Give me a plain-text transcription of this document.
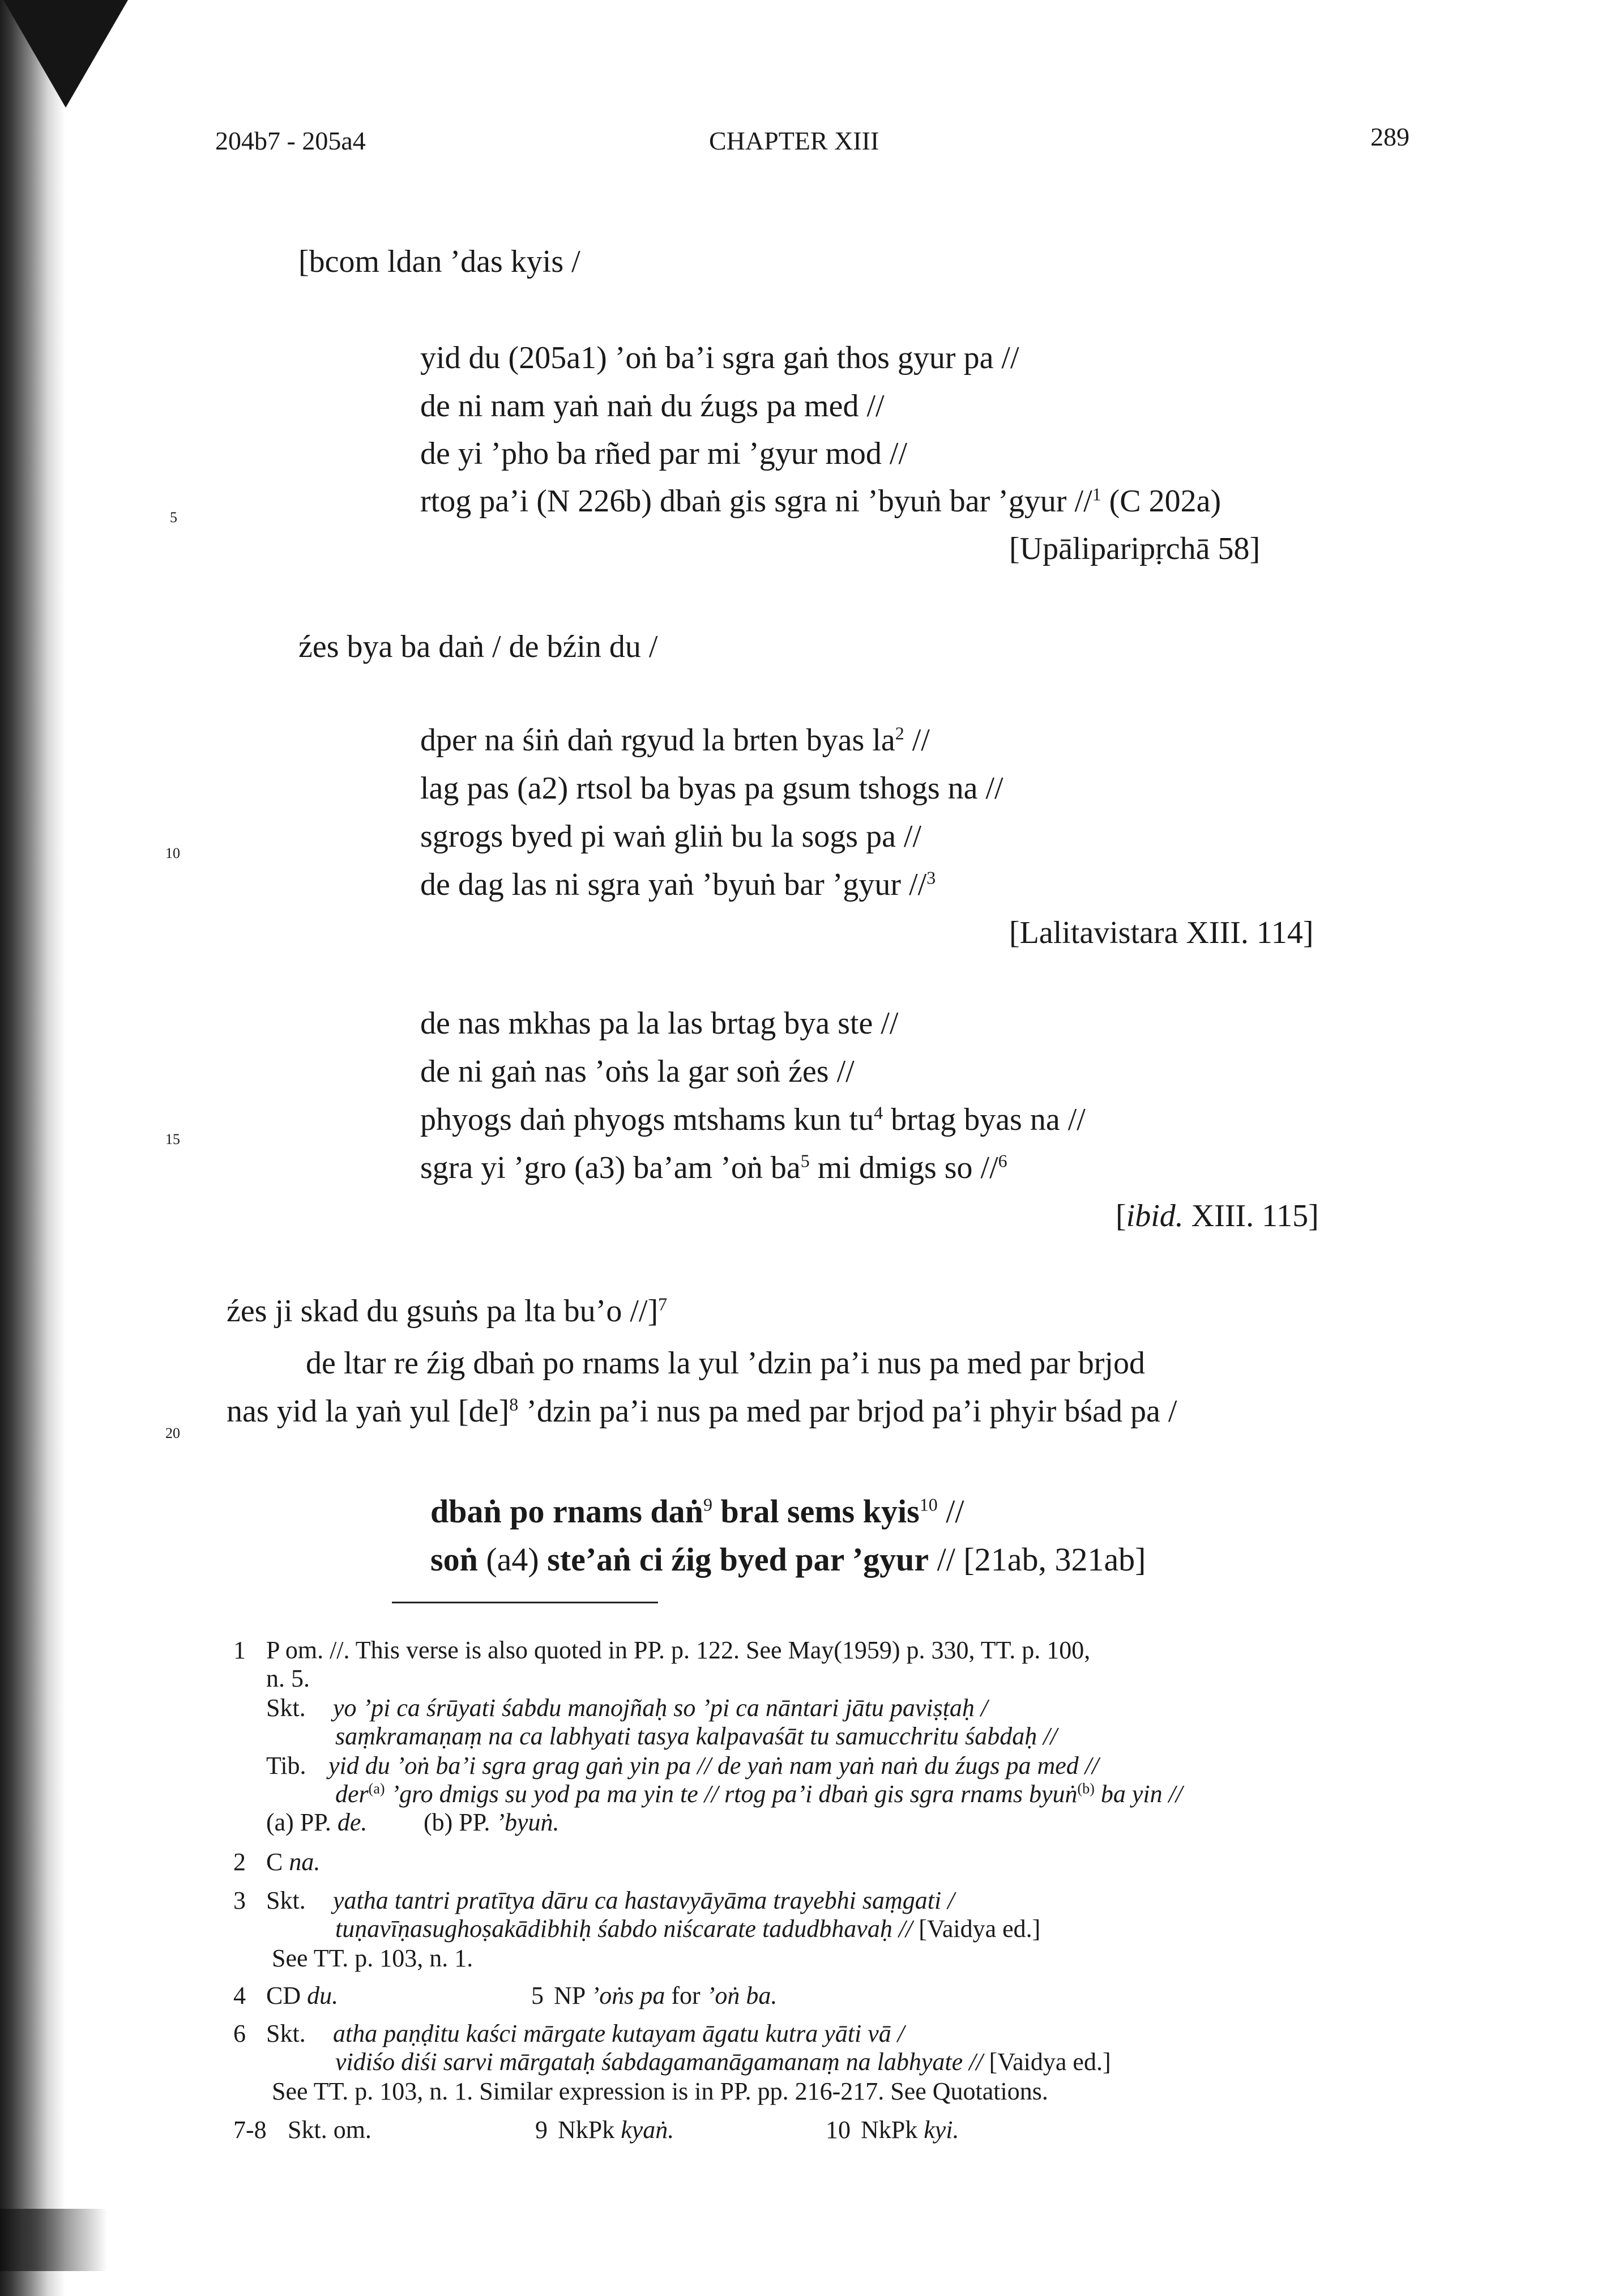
204b7 - 205a4	CHAPTER XIII	289
5
10
15
20
[bcom ldan ’das kyis /
yid du (205a1) ’oṅ ba’i sgra gaṅ thos gyur pa //
de ni nam yaṅ naṅ du źugs pa med //
de yi ’pho ba rñed par mi ’gyur mod //
rtog pa’i (N 226b) dbaṅ gis sgra ni ’byuṅ bar ’gyur //$^1$ (C 202a)
[Upāliparipṛchā 58]
źes bya ba daṅ / de bźin du /
dper na śiṅ daṅ rgyud la brten byas $la^2$ //
lag pas (a2) rtsol ba byas pa gsum tshogs na //
sgrogs byed pi waṅ gliṅ bu la sogs pa //
de dag las ni sgra yaṅ ’byuṅ bar ’gyur //$^3$
[Lalitavistara XIII. 114]
de nas mkhas pa la las brtag bya ste //
de ni gaṅ nas ’oṅs la gar soṅ źes //
phyogs daṅ phyogs mtshams kun $tu^4$ brtag byas na //
sgra yi ’gro (a3) ba’am ’oṅ $ba^5$ mi dmigs so //$^6$
[ibid. XIII. 115]
źes ji skad du gsuṅs pa lta bu’o //]$^7$
de ltar re źig dbaṅ po rnams la yul ’dzin pa’i nus pa med par brjod
nas yid la yaṅ yul [de]$^8$ ’dzin pa’i nus pa med par brjod pa’i phyir bśad pa /
dbaṅ po rnams daṅ$^9$ bral sems kyis$^{10}$ //
soṅ (a4) ste’aṅ ci źig byed par ’gyur // [21ab, 321ab]
1 P om. //. This verse is also quoted in PP. p. 122. See May(1959) p. 330, TT. p. 100,
n. 5.
Skt. yo ’pi ca śrūyati śabdu manojñaḥ so ’pi ca nāntari jātu paviṣṭaḥ /
saṃkramaṇaṃ na ca labhyati tasya kalpavaśāt tu samucchritu śabdaḥ //
Tib. yid du ’oṅ ba’i sgra grag gaṅ yin pa // de yaṅ nam yaṅ naṅ du źugs pa med //
der$^{(a)}$ ’gro dmigs su yod pa ma yin te // rtog pa’i dbaṅ gis sgra rnams byuṅ$^{(b)}$ ba yin //
(a) PP. de. (b) PP. ’byuṅ.
2 C na.
3 Skt. yatha tantri pratītya dāru ca hastavyāyāma trayebhi saṃgati /
tuṇavīṇasughoṣakādibhiḥ śabdo niścarate tadudbhavaḥ // [Vaidya ed.]
See TT. p. 103, n. 1.
4 CD du.	5 NP ’oṅs pa for ’oṅ ba.
6 Skt. atha paṇḍitu kaści mārgate kutayam āgatu kutra yāti vā /
vidiśo diśi sarvi mārgataḥ śabdagamanāgamanaṃ na labhyate // [Vaidya ed.]
See TT. p. 103, n. 1. Similar expression is in PP. pp. 216-217. See Quotations.
7-8 Skt. om.	9 NkPk kyaṅ.	10 NkPk kyi.
